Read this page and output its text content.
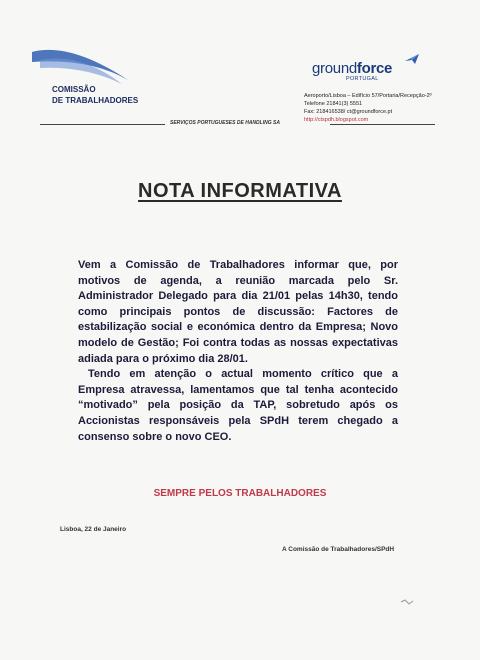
COMISSÃO
DE TRABALHADORES
groundforce
PORTUGAL
Aeroporto/Lisboa – Edifício 57/Portaria/Recepção-2º
Telefone 21841(3) 5551
Fax: 218416538/ ct@groundforce.pt
http://ctspdh.blogspot.com
SERVIÇOS PORTUGUESES DE HANDLING SA
NOTA INFORMATIVA

Vem a Comissão de Trabalhadores informar que, por motivos de agenda, a reunião marcada pelo Sr. Administrador Delegado para dia 21/01 pelas 14h30, tendo como principais pontos de discussão: Factores de estabilização social e económica dentro da Empresa; Novo modelo de Gestão; Foi contra todas as nossas expectativas adiada para o próximo dia 28/01.

Tendo em atenção o actual momento crítico que a Empresa atravessa, lamentamos que tal tenha acontecido “motivado” pela posição da TAP, sobretudo após os Accionistas responsáveis pela SPdH terem chegado a consenso sobre o novo CEO.

SEMPRE PELOS TRABALHADORES
Lisboa, 22 de Janeiro
A Comissão de Trabalhadores/SPdH
